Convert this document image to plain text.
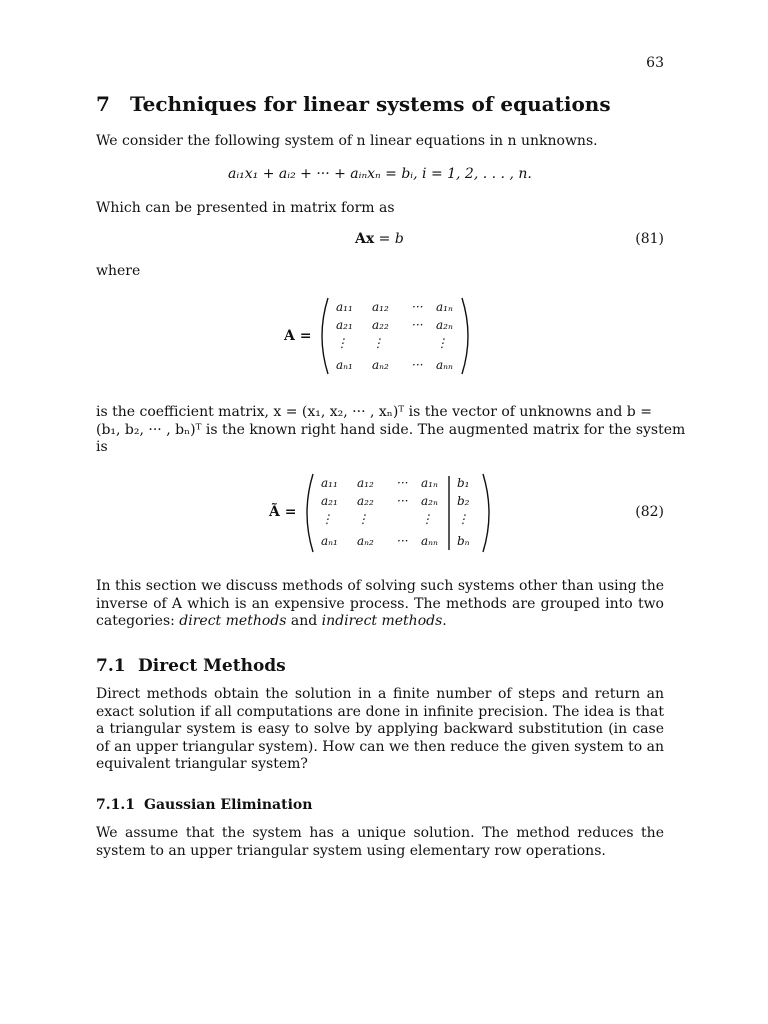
63
7 Techniques for linear systems of equations
We consider the following system of n linear equations in n unknowns.
aᵢ₁x₁ + aᵢ₂ + ··· + aᵢₙxₙ = bᵢ, i = 1, 2, . . . , n.
Which can be presented in matrix form as
Ax = b	(81)
where
A =
a₁₁ a₁₂ ··· a₁ₙ
a₂₁ a₂₂ ··· a₂ₙ
⋮ ⋮	⋮
aₙ₁ aₙ₂ ··· aₙₙ
is the coefficient matrix, x = (x₁, x₂, ··· , xₙ)ᵀ is the vector of unknowns and b =
(b₁, b₂, ··· , bₙ)ᵀ is the known right hand side. The augmented matrix for the system
is
Ã =
a₁₁ a₁₂ ··· a₁ₙ b₁
a₂₁ a₂₂ ··· a₂ₙ b₂
⋮ ⋮	⋮ ⋮
aₙ₁ aₙ₂ ··· aₙₙ bₙ
(82)
In this section we discuss methods of solving such systems other than using the inverse of A which is an expensive process. The methods are grouped into two categories: direct methods and indirect methods.
7.1 Direct Methods
Direct methods obtain the solution in a finite number of steps and return an exact solution if all computations are done in infinite precision. The idea is that a triangular system is easy to solve by applying backward substitution (in case of an upper triangular system). How can we then reduce the given system to an equivalent triangular system?
7.1.1 Gaussian Elimination
We assume that the system has a unique solution. The method reduces the system to an upper triangular system using elementary row operations.
